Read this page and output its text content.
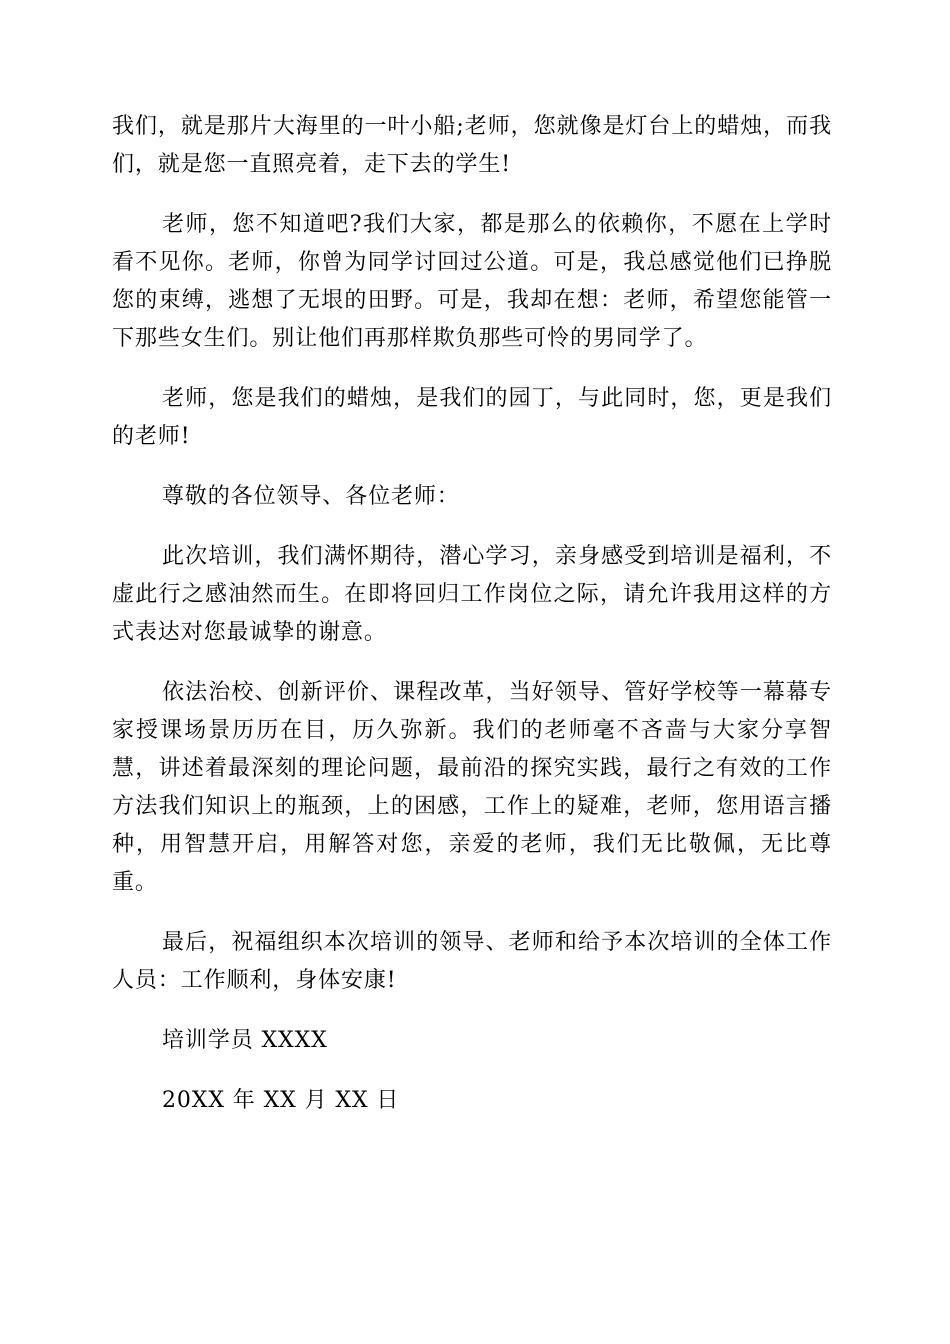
我们，就是那片大海里的一叶小船;老师，您就像是灯台上的蜡烛，而我们，就是您一直照亮着，走下去的学生!

老师，您不知道吧?我们大家，都是那么的依赖你，不愿在上学时看不见你。老师，你曾为同学讨回过公道。可是，我总感觉他们已挣脱您的束缚，逃想了无垠的田野。可是，我却在想：老师，希望您能管一下那些女生们。别让他们再那样欺负那些可怜的男同学了。

老师，您是我们的蜡烛，是我们的园丁，与此同时，您，更是我们的老师!

尊敬的各位领导、各位老师：

此次培训，我们满怀期待，潜心学习，亲身感受到培训是福利，不虚此行之感油然而生。在即将回归工作岗位之际，请允许我用这样的方式表达对您最诚挚的谢意。

依法治校、创新评价、课程改革，当好领导、管好学校等一幕幕专家授课场景历历在目，历久弥新。我们的老师毫不吝啬与大家分享智慧，讲述着最深刻的理论问题，最前沿的探究实践，最行之有效的工作方法我们知识上的瓶颈，上的困感，工作上的疑难，老师，您用语言播种，用智慧开启，用解答对您，亲爱的老师，我们无比敬佩，无比尊重。

最后，祝福组织本次培训的领导、老师和给予本次培训的全体工作人员：工作顺利，身体安康!

培训学员 XXXX

20XX 年 XX 月 XX 日
